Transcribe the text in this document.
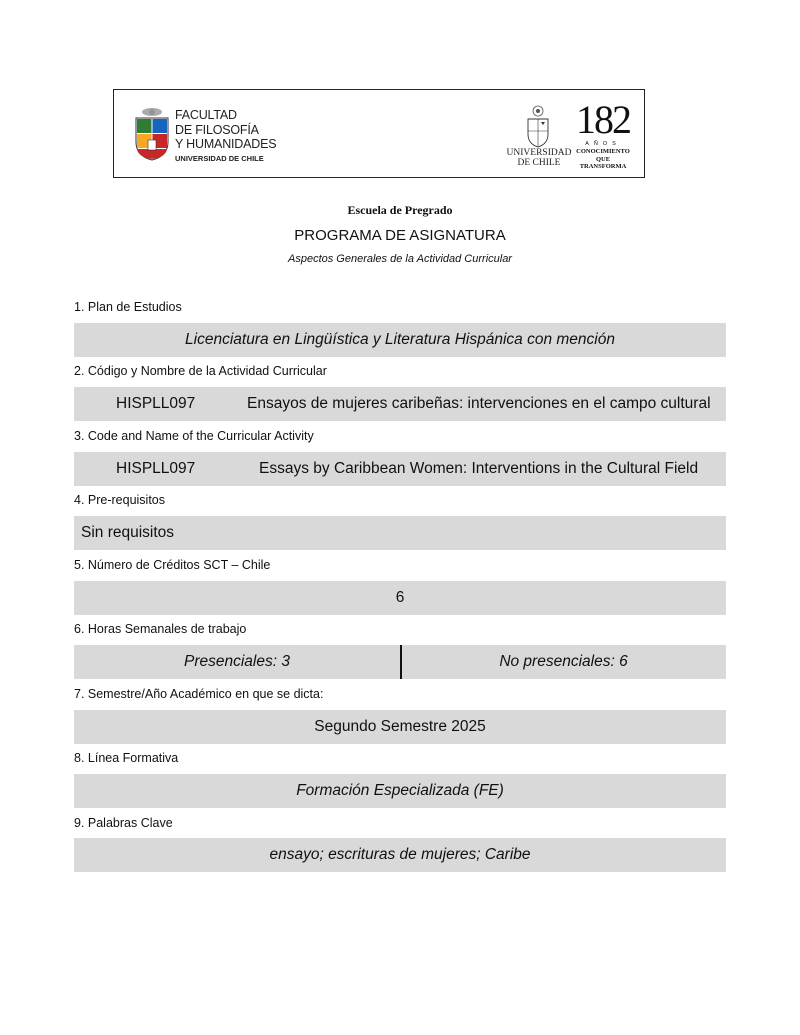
FACULTAD
DE FILOSOFÍA
Y HUMANIDADES
UNIVERSIDAD DE CHILE	UNIVERSIDAD
DE CHILE
182
AÑOS
CONOCIMIENTO
QUE TRANSFORMA
Escuela de Pregrado
PROGRAMA DE ASIGNATURA
Aspectos Generales de la Actividad Curricular
1. Plan de Estudios
Licenciatura en Lingüística y Literatura Hispánica con mención
2. Código y Nombre de la Actividad Curricular
HISPLL097	Ensayos de mujeres caribeñas: intervenciones en el campo cultural
3. Code and Name of the Curricular Activity
HISPLL097	Essays by Caribbean Women: Interventions in the Cultural Field
4. Pre-requisitos
Sin requisitos
5. Número de Créditos SCT – Chile
6
6. Horas Semanales de trabajo
Presenciales: 3	No presenciales: 6
7. Semestre/Año Académico en que se dicta:
Segundo Semestre 2025
8. Línea Formativa
Formación Especializada (FE)
9. Palabras Clave
ensayo; escrituras de mujeres; Caribe
